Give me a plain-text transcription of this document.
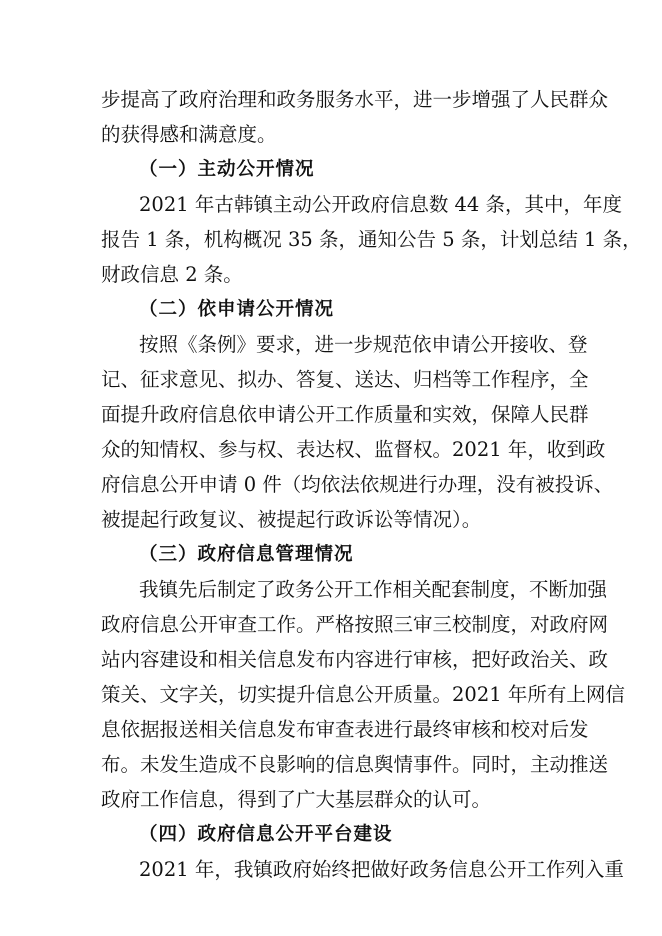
步提高了政府治理和政务服务水平，进一步增强了人民群众
的获得感和满意度。
（一）主动公开情况
2021 年古韩镇主动公开政府信息数 44 条，其中，年度
报告 1 条，机构概况 35 条，通知公告 5 条，计划总结 1 条，
财政信息 2 条。
（二）依申请公开情况
按照《条例》要求，进一步规范依申请公开接收、登
记、征求意见、拟办、答复、送达、归档等工作程序，全
面提升政府信息依申请公开工作质量和实效，保障人民群
众的知情权、参与权、表达权、监督权。2021 年，收到政
府信息公开申请 0 件（均依法依规进行办理，没有被投诉、
被提起行政复议、被提起行政诉讼等情况）。
（三）政府信息管理情况
我镇先后制定了政务公开工作相关配套制度，不断加强
政府信息公开审查工作。严格按照三审三校制度，对政府网
站内容建设和相关信息发布内容进行审核，把好政治关、政
策关、文字关，切实提升信息公开质量。2021 年所有上网信
息依据报送相关信息发布审查表进行最终审核和校对后发
布。未发生造成不良影响的信息舆情事件。同时，主动推送
政府工作信息，得到了广大基层群众的认可。
（四）政府信息公开平台建设
2021 年，我镇政府始终把做好政务信息公开工作列入重
